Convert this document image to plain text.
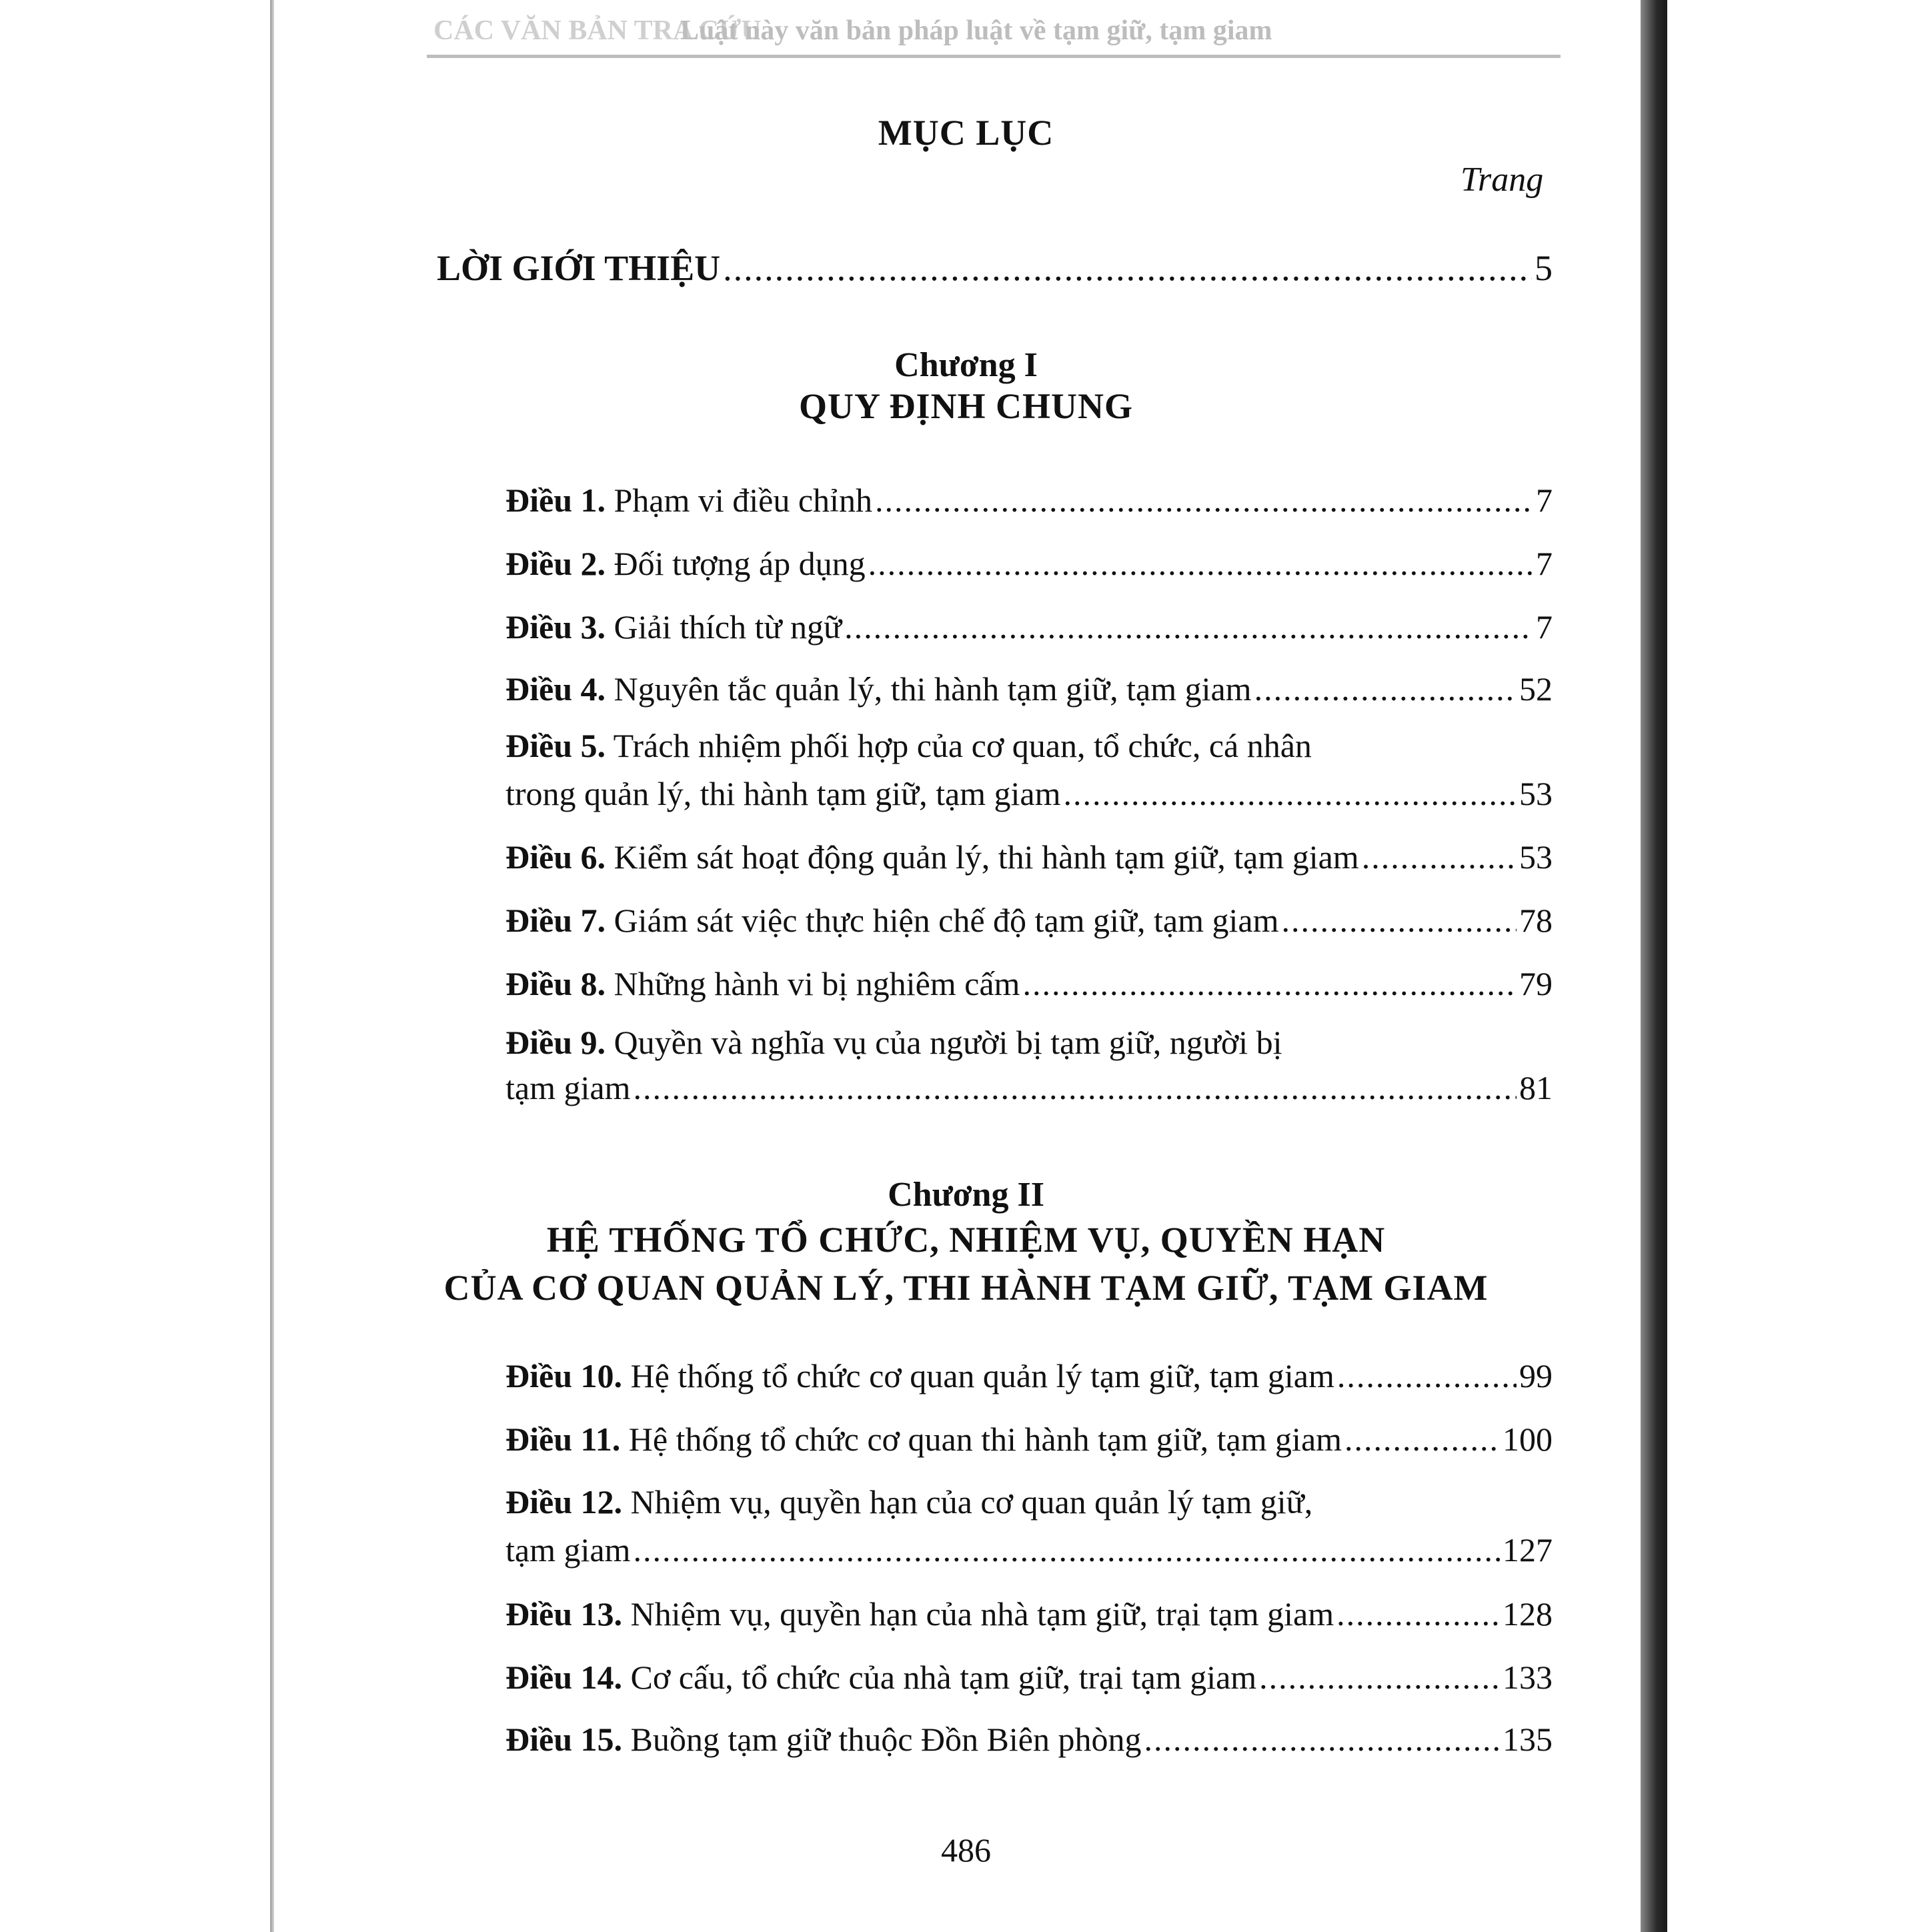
CÁC VĂN BẢN TRA CỨU
Luật này văn bản pháp luật về tạm giữ, tạm giam
MỤC LỤC
Trang
LỜI GIỚI THIỆU .....	5
Chương I
QUY ĐỊNH CHUNG
Điều 1. Phạm vi điều chỉnh .....	7
Điều 2. Đối tượng áp dụng .....	7
Điều 3. Giải thích từ ngữ .....	7
Điều 4. Nguyên tắc quản lý, thi hành tạm giữ, tạm giam .....	52
Điều 5. Trách nhiệm phối hợp của cơ quan, tổ chức, cá nhân
trong quản lý, thi hành tạm giữ, tạm giam .....	53
Điều 6. Kiểm sát hoạt động quản lý, thi hành tạm giữ, tạm giam .....	53
Điều 7. Giám sát việc thực hiện chế độ tạm giữ, tạm giam .....	78
Điều 8. Những hành vi bị nghiêm cấm .....	79
Điều 9. Quyền và nghĩa vụ của người bị tạm giữ, người bị
tạm giam .....	81
Chương II
HỆ THỐNG TỔ CHỨC, NHIỆM VỤ, QUYỀN HẠN
CỦA CƠ QUAN QUẢN LÝ, THI HÀNH TẠM GIỮ, TẠM GIAM
Điều 10. Hệ thống tổ chức cơ quan quản lý tạm giữ, tạm giam .....	99
Điều 11. Hệ thống tổ chức cơ quan thi hành tạm giữ, tạm giam .....	100
Điều 12. Nhiệm vụ, quyền hạn của cơ quan quản lý tạm giữ,
tạm giam .....	127
Điều 13. Nhiệm vụ, quyền hạn của nhà tạm giữ, trại tạm giam .....	128
Điều 14. Cơ cấu, tổ chức của nhà tạm giữ, trại tạm giam .....	133
Điều 15. Buồng tạm giữ thuộc Đồn Biên phòng .....	135
486
